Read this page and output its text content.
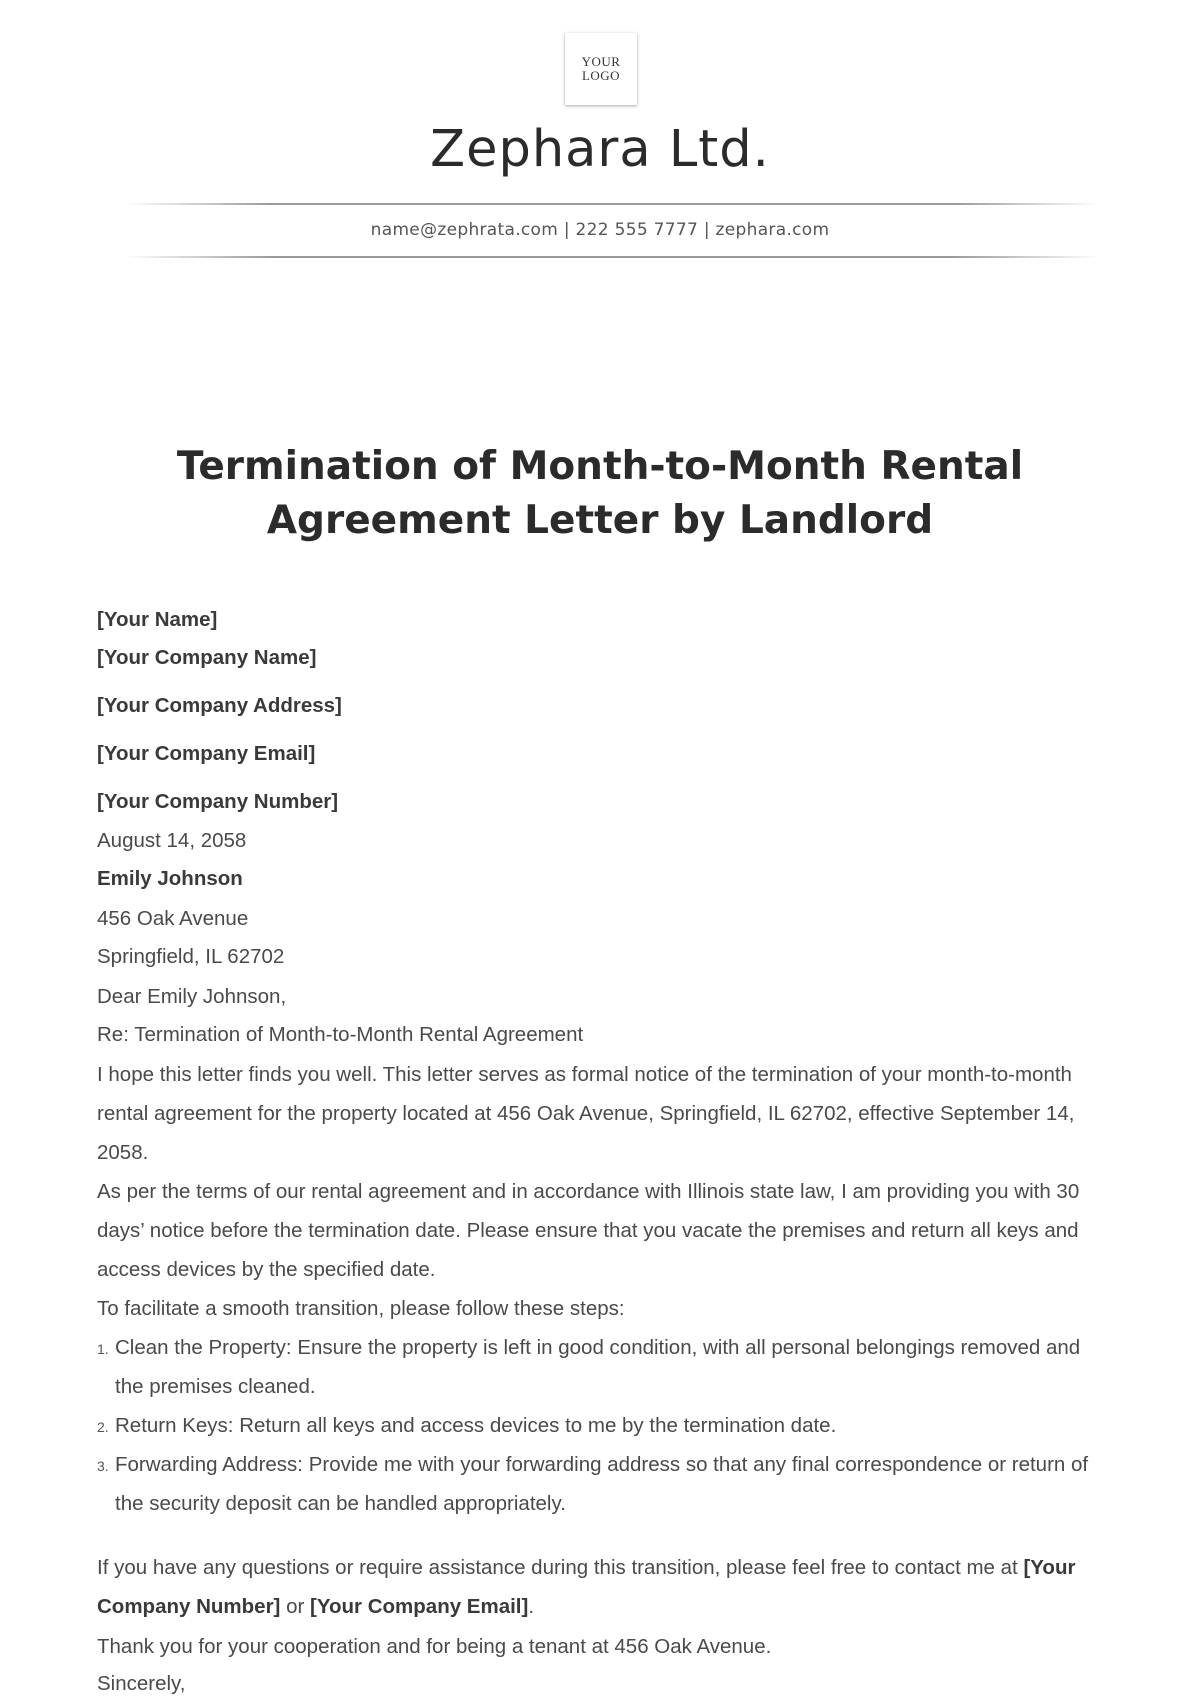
YOUR
LOGO
Zephara Ltd.
name@zephrata.com | 222 555 7777 | zephara.com
Termination of Month-to-Month Rental
Agreement Letter by Landlord
[Your Name]
[Your Company Name]
[Your Company Address]
[Your Company Email]
[Your Company Number]
August 14, 2058
Emily Johnson
456 Oak Avenue
Springfield, IL 62702
Dear Emily Johnson,
Re: Termination of Month-to-Month Rental Agreement
I hope this letter finds you well. This letter serves as formal notice of the termination of your month-to-month rental agreement for the property located at 456 Oak Avenue, Springfield, IL 62702, effective September 14, 2058.
As per the terms of our rental agreement and in accordance with Illinois state law, I am providing you with 30 days’ notice before the termination date. Please ensure that you vacate the premises and return all keys and access devices by the specified date.
To facilitate a smooth transition, please follow these steps:
1. Clean the Property: Ensure the property is left in good condition, with all personal belongings removed and the premises cleaned.
2. Return Keys: Return all keys and access devices to me by the termination date.
3. Forwarding Address: Provide me with your forwarding address so that any final correspondence or return of the security deposit can be handled appropriately.
If you have any questions or require assistance during this transition, please feel free to contact me at [Your Company Number] or [Your Company Email].
Thank you for your cooperation and for being a tenant at 456 Oak Avenue.
Sincerely,
